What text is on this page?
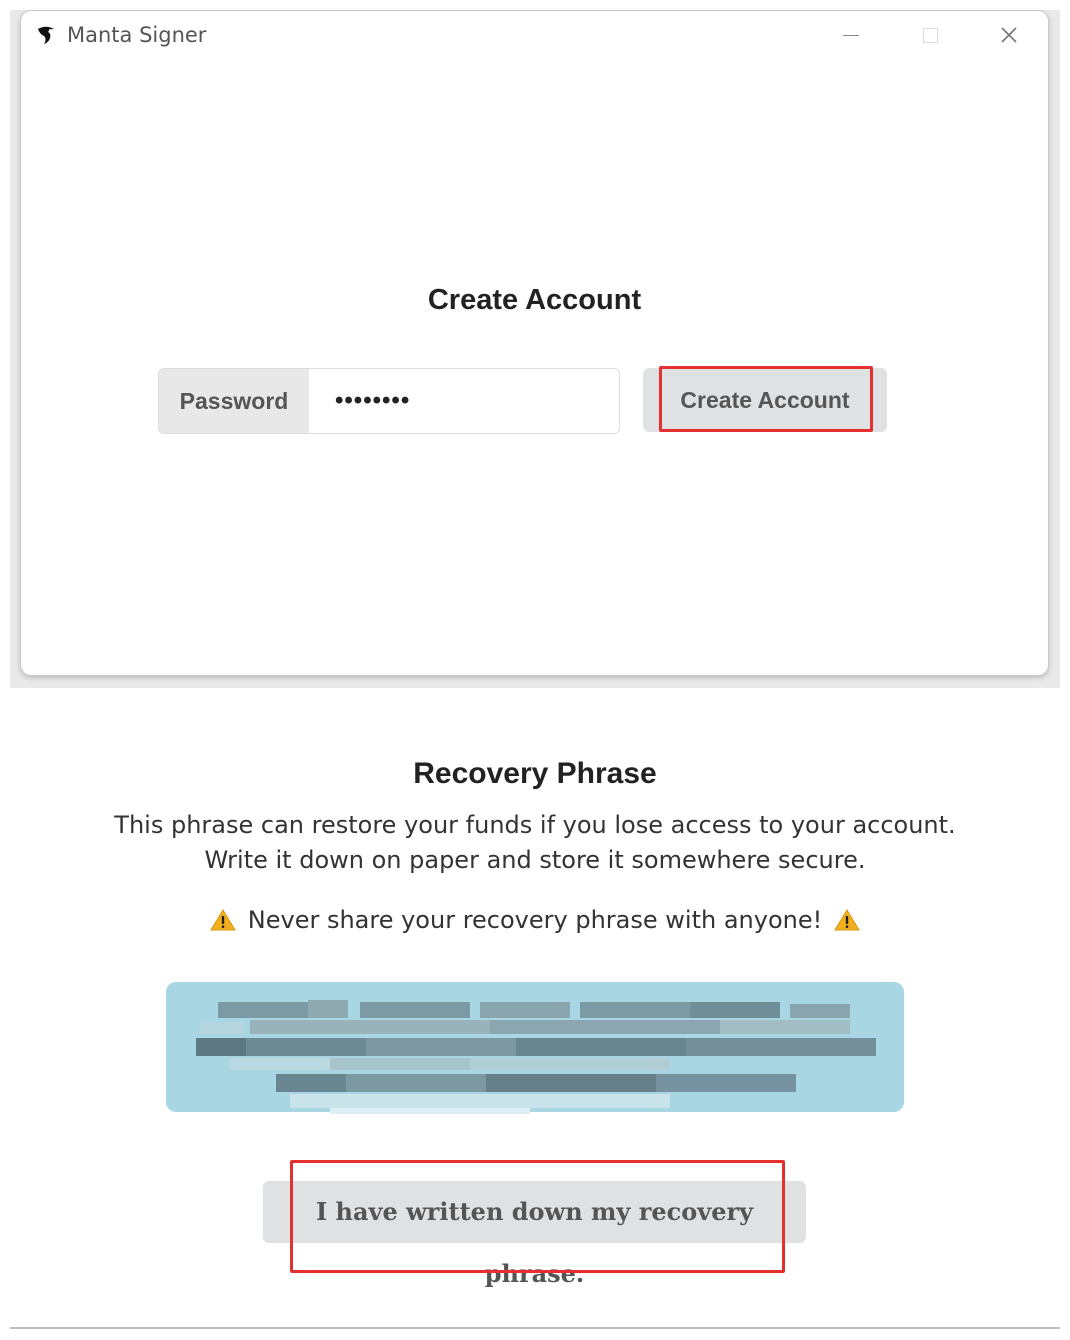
Manta Signer
Create Account
Password	••••••••	Create Account
Recovery Phrase
This phrase can restore your funds if you lose access to your account.
Write it down on paper and store it somewhere secure.
Never share your recovery phrase with anyone!
I have written down my recovery phrase.
